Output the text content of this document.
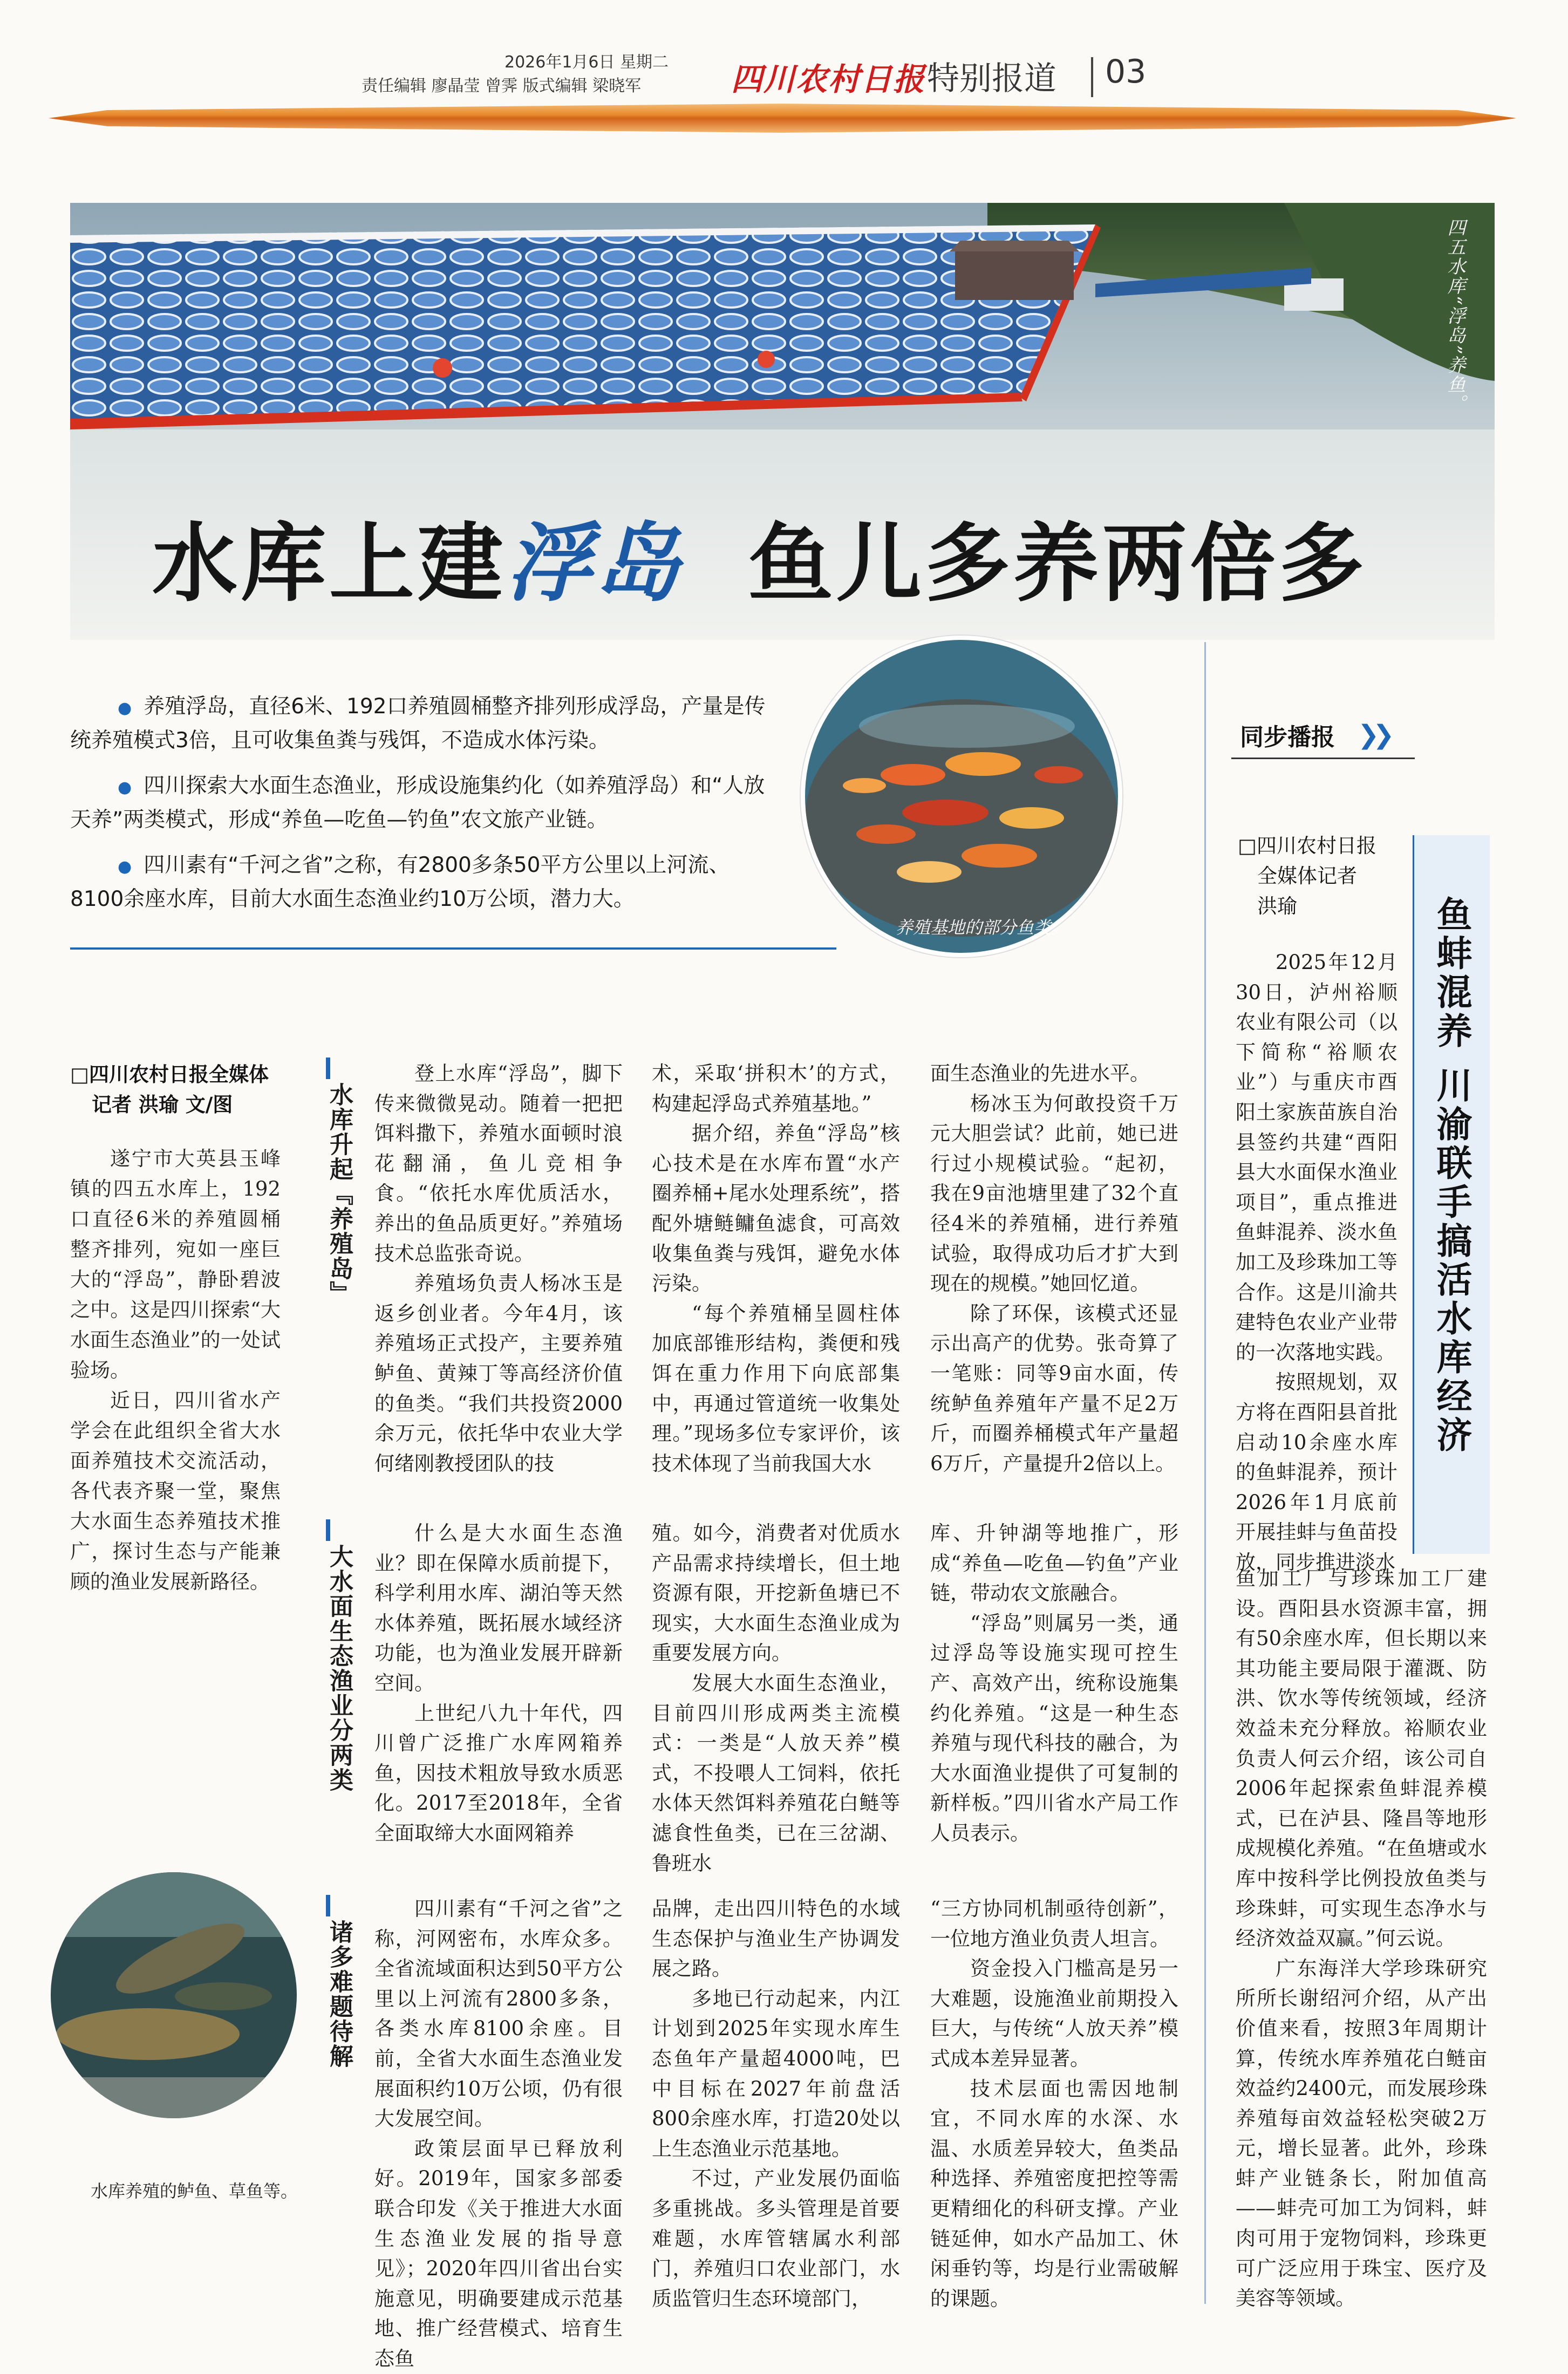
2026年1月6日 星期二
责任编辑 廖晶莹 曾霁 版式编辑 梁晓军	四川农村日报 特别报道 03
四五水库“浮岛”养鱼。
水库上建浮岛 鱼儿多养两倍多
● 养殖浮岛，直径6米、192口养殖圆桶整齐排列形成浮岛，产量是传统养殖模式3倍，且可收集鱼粪与残饵，不造成水体污染。
● 四川探索大水面生态渔业，形成设施集约化（如养殖浮岛）和“人放天养”两类模式，形成“养鱼—吃鱼—钓鱼”农文旅产业链。
● 四川素有“千河之省”之称，有2800多条50平方公里以上河流、8100余座水库，目前大水面生态渔业约10万公顷，潜力大。
养殖基地的部分鱼类。
同步播报 ❯❯
□四川农村日报
全媒体记者
洪瑜	鱼蚌混养 川渝联手搞活水库经济

2025年12月30日，泸州裕顺农业有限公司（以下简称“裕顺农业”）与重庆市酉阳土家族苗族自治县签约共建“酉阳县大水面保水渔业项目”，重点推进鱼蚌混养、淡水鱼加工及珍珠加工等合作。这是川渝共建特色农业产业带的一次落地实践。

按照规划，双方将在酉阳县首批启动10余座水库的鱼蚌混养，预计2026年1月底前开展挂蚌与鱼苗投放，同步推进淡水

鱼加工厂与珍珠加工厂建设。酉阳县水资源丰富，拥有50余座水库，但长期以来其功能主要局限于灌溉、防洪、饮水等传统领域，经济效益未充分释放。裕顺农业负责人何云介绍，该公司自2006年起探索鱼蚌混养模式，已在泸县、隆昌等地形成规模化养殖。“在鱼塘或水库中按科学比例投放鱼类与珍珠蚌，可实现生态净水与经济效益双赢。”何云说。

广东海洋大学珍珠研究所所长谢绍河介绍，从产出价值来看，按照3年周期计算，传统水库养殖花白鲢亩效益约2400元，而发展珍珠养殖每亩效益轻松突破2万元，增长显著。此外，珍珠蚌产业链条长，附加值高——蚌壳可加工为饲料，蚌肉可用于宠物饲料，珍珠更可广泛应用于珠宝、医疗及美容等领域。

□四川农村日报全媒体
记者 洪瑜 文/图

遂宁市大英县玉峰镇的四五水库上，192口直径6米的养殖圆桶整齐排列，宛如一座巨大的“浮岛”，静卧碧波之中。这是四川探索“大水面生态渔业”的一处试验场。

近日，四川省水产学会在此组织全省大水面养殖技术交流活动，各代表齐聚一堂，聚焦大水面生态养殖技术推广，探讨生态与产能兼顾的渔业发展新路径。

水库养殖的鲈鱼、草鱼等。
水库升起『养殖岛』

登上水库“浮岛”，脚下传来微微晃动。随着一把把饵料撒下，养殖水面顿时浪花翻涌，鱼儿竞相争食。“依托水库优质活水，养出的鱼品质更好。”养殖场技术总监张奇说。

养殖场负责人杨冰玉是返乡创业者。今年4月，该养殖场正式投产，主要养殖鲈鱼、黄辣丁等高经济价值的鱼类。“我们共投资2000余万元，依托华中农业大学何绪刚教授团队的技

术，采取‘拼积木’的方式，构建起浮岛式养殖基地。”

据介绍，养鱼“浮岛”核心技术是在水库布置“水产圈养桶+尾水处理系统”，搭配外塘鲢鳙鱼滤食，可高效收集鱼粪与残饵，避免水体污染。

“每个养殖桶呈圆柱体加底部锥形结构，粪便和残饵在重力作用下向底部集中，再通过管道统一收集处理。”现场多位专家评价，该技术体现了当前我国大水

面生态渔业的先进水平。

杨冰玉为何敢投资千万元大胆尝试？此前，她已进行过小规模试验。“起初，我在9亩池塘里建了32个直径4米的养殖桶，进行养殖试验，取得成功后才扩大到现在的规模。”她回忆道。

除了环保，该模式还显示出高产的优势。张奇算了一笔账：同等9亩水面，传统鲈鱼养殖年产量不足2万斤，而圈养桶模式年产量超6万斤，产量提升2倍以上。

大水面生态渔业分两类

什么是大水面生态渔业？即在保障水质前提下，科学利用水库、湖泊等天然水体养殖，既拓展水域经济功能，也为渔业发展开辟新空间。

上世纪八九十年代，四川曾广泛推广水库网箱养鱼，因技术粗放导致水质恶化。2017至2018年，全省全面取缔大水面网箱养

殖。如今，消费者对优质水产品需求持续增长，但土地资源有限，开挖新鱼塘已不现实，大水面生态渔业成为重要发展方向。

发展大水面生态渔业，目前四川形成两类主流模式：一类是“人放天养”模式，不投喂人工饲料，依托水体天然饵料养殖花白鲢等滤食性鱼类，已在三岔湖、鲁班水

库、升钟湖等地推广，形成“养鱼—吃鱼—钓鱼”产业链，带动农文旅融合。

“浮岛”则属另一类，通过浮岛等设施实现可控生产、高效产出，统称设施集约化养殖。“这是一种生态养殖与现代科技的融合，为大水面渔业提供了可复制的新样板。”四川省水产局工作人员表示。

诸多难题待解

四川素有“千河之省”之称，河网密布，水库众多。全省流域面积达到50平方公里以上河流有2800多条，各类水库8100余座。目前，全省大水面生态渔业发展面积约10万公顷，仍有很大发展空间。

政策层面早已释放利好。2019年，国家多部委联合印发《关于推进大水面生态渔业发展的指导意见》；2020年四川省出台实施意见，明确要建成示范基地、推广经营模式、培育生态鱼

品牌，走出四川特色的水域生态保护与渔业生产协调发展之路。

多地已行动起来，内江计划到2025年实现水库生态鱼年产量超4000吨，巴中目标在2027年前盘活800余座水库，打造20处以上生态渔业示范基地。

不过，产业发展仍面临多重挑战。多头管理是首要难题，水库管辖属水利部门，养殖归口农业部门，水质监管归生态环境部门，

“三方协同机制亟待创新”，一位地方渔业负责人坦言。

资金投入门槛高是另一大难题，设施渔业前期投入巨大，与传统“人放天养”模式成本差异显著。

技术层面也需因地制宜，不同水库的水深、水温、水质差异较大，鱼类品种选择、养殖密度把控等需更精细化的科研支撑。产业链延伸，如水产品加工、休闲垂钓等，均是行业需破解的课题。
